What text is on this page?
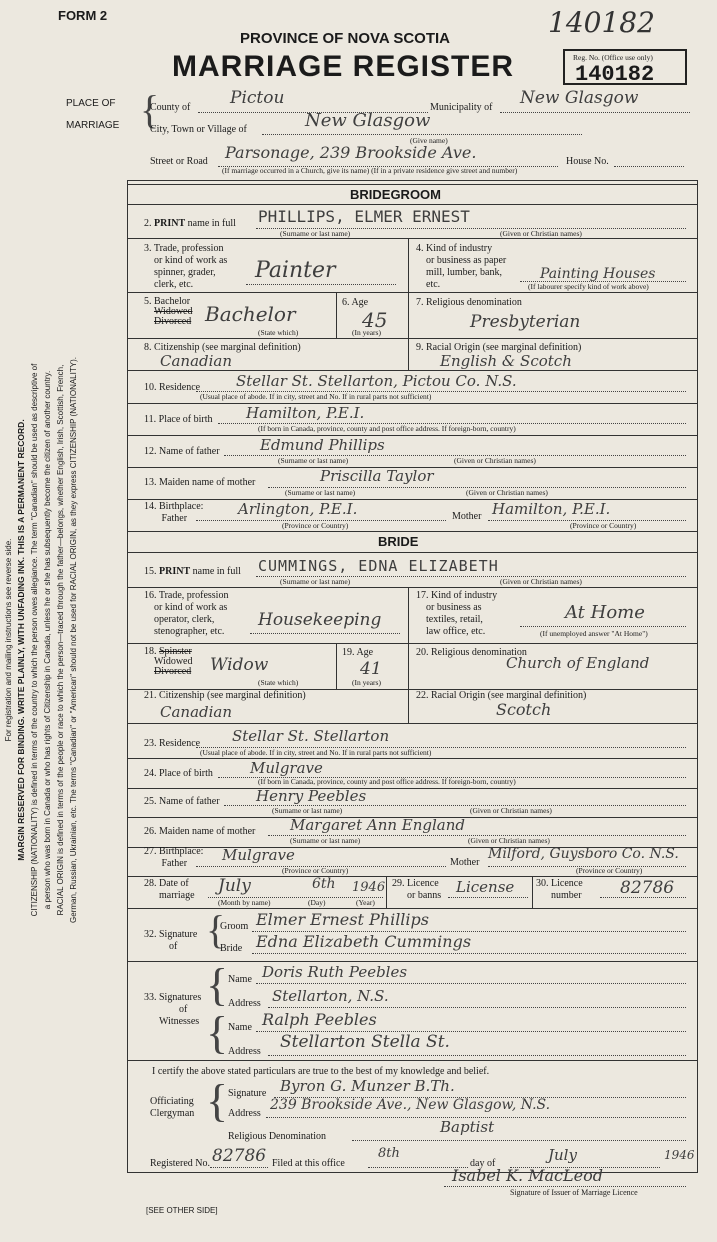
For registration and mailing instructions see reverse side. MARGIN RESERVED FOR BINDING. WRITE PLAINLY, WITH UNFADING INK. THIS IS A PERMANENT RECORD. CITIZENSHIP (NATIONALITY) is defined in terms of the country to which the person owes allegiance. The term "Canadian" should be used as descriptive of a person who was born in Canada or who has rights of Citizenship in Canada, unless he or she has subsequently become the citizen of another country. RACIAL ORIGIN is defined in terms of the people or race to which the person—traced through the father—belongs, whether English, Irish, Scottish, French, German, Russian, Ukrainian, etc. The terms "Canadian" or "American" should not be used for RACIAL ORIGIN, as they express CITIZENSHIP (NATIONALITY).
FORM 2	140182
PROVINCE OF NOVA SCOTIA
MARRIAGE REGISTER	Reg. No. (Office use only)
140182
PLACE OF
MARRIAGE {
County of Pictou	Municipality of New Glasgow
City, Town or Village of	New Glasgow
(Give name)
Street or Road Parsonage, 239 Brookside Ave.	House No.
(If marriage occurred in a Church, give its name) (If in a private residence give street and number)
BRIDEGROOM
2. PRINT name in full PHILLIPS, ELMER ERNEST
(Surname or last name)	(Given or Christian names)
3. Trade, profession
or kind of work as
spinner, grader,
clerk, etc.
Painter
4. Kind of industry
or business as paper
mill, lumber, bank,
etc.
Painting Houses
(If labourer specify kind of work above)
5. Bachelor
Widowed
Divorced Bachelor
(State which)
6. Age
45
(In years)
7. Religious denomination
Presbyterian
8. Citizenship (see marginal definition)
Canadian
9. Racial Origin (see marginal definition)
English & Scotch
10. Residence Stellar St. Stellarton, Pictou Co. N.S.
(Usual place of abode. If in city, street and No. If in rural parts not sufficient)
11. Place of birth Hamilton, P.E.I.
(If born in Canada, province, county and post office address. If foreign-born, country)
12. Name of father	Edmund Phillips
(Surname or last name)	(Given or Christian names)
13. Maiden name of mother	Priscilla Taylor
(Surname or last name)	(Given or Christian names)
14. Birthplace:
Father
Arlington, P.E.I.	Mother Hamilton, P.E.I.
(Province or Country)	(Province or Country)
BRIDE
15. PRINT name in full CUMMINGS, EDNA ELIZABETH
(Surname or last name)	(Given or Christian names)
16. Trade, profession
or kind of work as
operator, clerk,
stenographer, etc.
Housekeeping
17. Kind of industry
or business as
textiles, retail,
law office, etc.
At Home
(If unemployed answer "At Home")
18. Spinster
Widowed
Divorced Widow
(State which)
19. Age
41
(In years)
20. Religious denomination
Church of England
21. Citizenship (see marginal definition)
Canadian
22. Racial Origin (see marginal definition)
Scotch
23. Residence Stellar St. Stellarton
(Usual place of abode. If in city, street and No. If in rural parts not sufficient)
24. Place of birth Mulgrave
(If born in Canada, province, county and post office address. If foreign-born, country)
25. Name of father Henry Peebles
(Surname or last name)	(Given or Christian names)
26. Maiden name of mother Margaret Ann England
(Surname or last name)	(Given or Christian names)
27. Birthplace:
Father	Mulgrave	Mother
Milford, Guysboro Co. N.S.
(Province or Country)	(Province or Country)
28. Date of
marriage July	6th 1946
(Month by name)	(Day)	(Year)
29. Licence
or banns License 30. Licence
number 82786
32. Signature
of {
Groom Elmer Ernest Phillips
Bride Edna Elizabeth Cummings
33. Signatures
of
Witnesses
{
{
Name Doris Ruth Peebles
Address Stellarton, N.S.
Name Ralph Peebles
Address Stellarton Stella St.
I certify the above stated particulars are true to the best of my knowledge and belief.
Officiating
Clergyman { Signature Byron G. Munzer B.Th.
Address
239 Brookside Ave., New Glasgow, N.S.
Religious Denomination
Baptist
Registered No. 82786 Filed at this office
8th
day of	July	1946
Isabel K. MacLeod
Signature of Issuer of Marriage Licence
[SEE OTHER SIDE]
